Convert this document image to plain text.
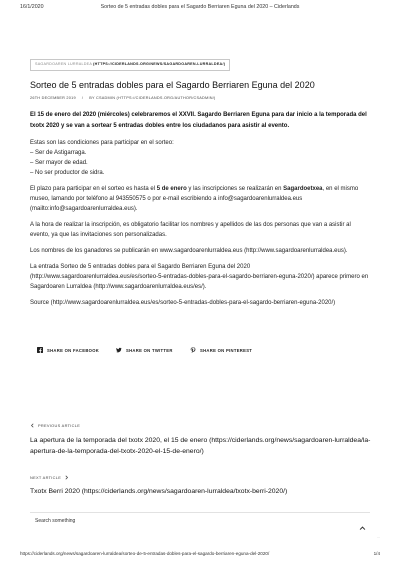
16/1/2020	Sorteo de 5 entradas dobles para el Sagardo Berriaren Eguna del 2020 – Ciderlands
SAGARDOAREN LURRALDEA (HTTPS://CIDERLANDS.ORG/NEWS/SAGARDOAREN-LURRALDEA/)
Sorteo de 5 entradas dobles para el Sagardo Berriaren Eguna del 2020
26TH DECEMBER 2019 / BY CSADMIN (HTTPS://CIDERLANDS.ORG/AUTHOR/CSADMIN/)
El 15 de enero del 2020 (miércoles) celebraremos el XXVII. Sagardo Berriaren Eguna para dar inicio a la temporada del txotx 2020 y se van a sortear 5 entradas dobles entre los ciudadanos para asistir al evento.

Estas son las condiciones para participar en el sorteo:
– Ser de Astigarraga.
– Ser mayor de edad.
– No ser productor de sidra.

El plazo para participar en el sorteo es hasta el 5 de enero y las inscripciones se realizarán en Sagardoetxea, en el mismo museo, lamando por teléfono al 943550575 o por e-mail escribiendo a info@sagardoarenlurraldea.eus (mailto:info@sagardoarenlurraldea.eus).

A la hora de realizar la inscripción, es obligatorio facilitar los nombres y apellidos de las dos personas que van a asistir al evento, ya que las invitaciones son personalizadas.

Los nombres de los ganadores se publicarán en www.sagardoarenlurraldea.eus (http://www.sagardoarenlurraldea.eus).

La entrada Sorteo de 5 entradas dobles para el Sagardo Berriaren Eguna del 2020 (http://www.sagardoarenlurraldea.eus/es/sorteo-5-entradas-dobles-para-el-sagardo-berriaren-eguna-2020/) aparece primero en Sagardoaren Lurraldea (http://www.sagardoarenlurraldea.eus/es/).

Source (http://www.sagardoarenlurraldea.eus/es/sorteo-5-entradas-dobles-para-el-sagardo-berriaren-eguna-2020/)

SHARE ON FACEBOOK	SHARE ON TWITTER	SHARE ON PINTEREST
PREVIOUS ARTICLE
La apertura de la temporada del txotx 2020, el 15 de enero (https://ciderlands.org/news/sagardoaren-lurraldea/la-apertura-de-la-temporada-del-txotx-2020-el-15-de-enero/)
NEXT ARTICLE
Txotx Berri 2020 (https://ciderlands.org/news/sagardoaren-lurraldea/txotx-berri-2020/)
Search something
⋯
https://ciderlands.org/news/sagardoaren-lurraldea/sorteo-de-5-entradas-dobles-para-el-sagardo-berriaren-eguna-del-2020/	1/4
